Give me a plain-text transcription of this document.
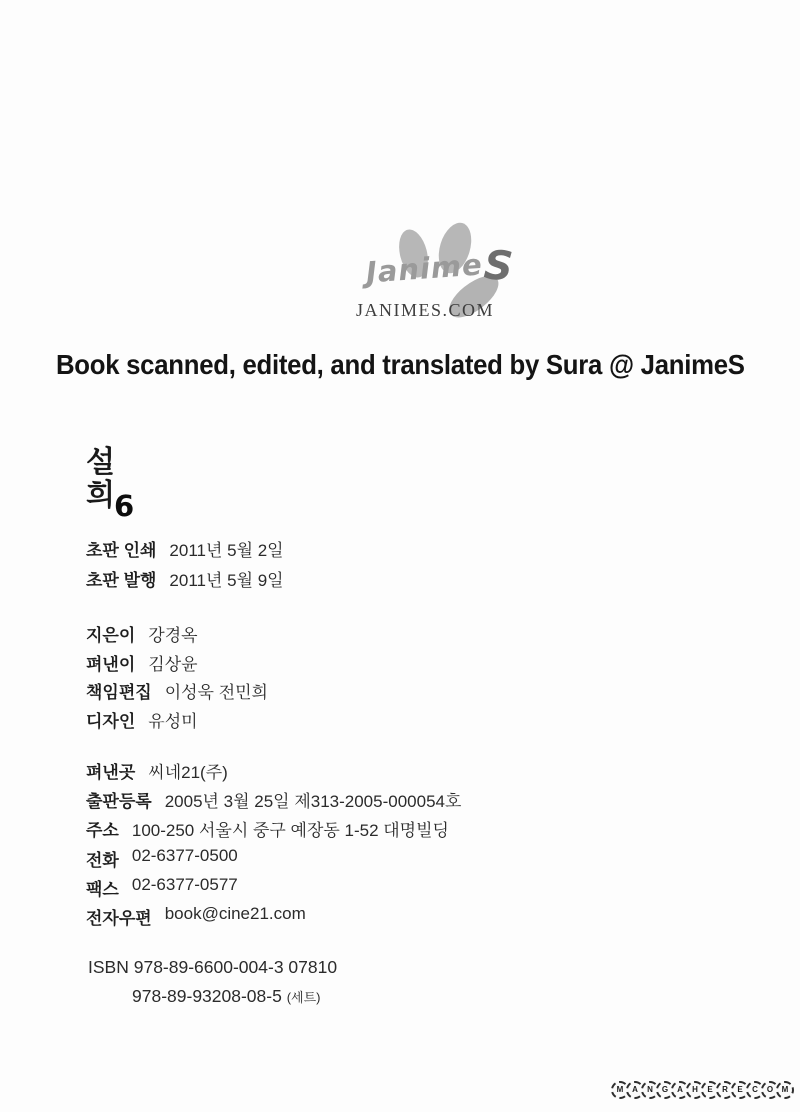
JanimeS
JANIMES.COM
Book scanned, edited, and translated by Sura @ JanimeS
설
희 6
초판 인쇄 2011년 5월 2일
초판 발행 2011년 5월 9일
지은이 강경옥
펴낸이 김상윤
책임편집 이성욱 전민희
디자인 유성미
펴낸곳 씨네21(주)
출판등록 2005년 3월 25일 제313-2005-000054호
주소 100-250 서울시 중구 예장동 1-52 대명빌딩
전화 02-6377-0500
팩스 02-6377-0577
전자우편 book@cine21.com
ISBN 978-89-6600-004-3 07810
978-89-93208-08-5 (세트)
M	A	N	G	A	H	E	R	E	C	O	M
